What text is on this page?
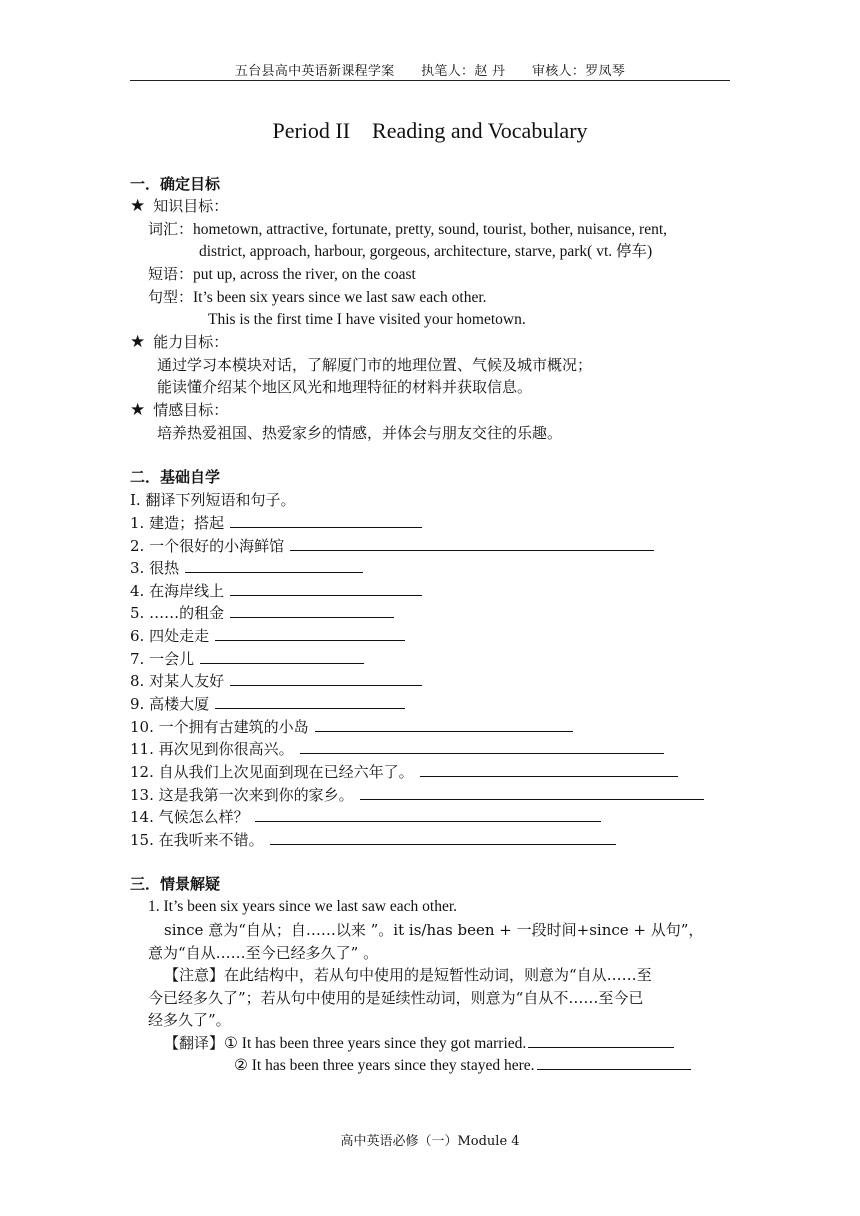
五台县高中英语新课程学案　　执笔人：赵 丹　　审核人：罗凤琴
Period II　Reading and Vocabulary
一．确定目标
★ 知识目标：
词汇：hometown, attractive, fortunate, pretty, sound, tourist, bother, nuisance, rent,
district, approach, harbour, gorgeous, architecture, starve, park( vt. 停车)
短语：put up, across the river, on the coast
句型：It’s been six years since we last saw each other.
This is the first time I have visited your hometown.
★ 能力目标：
通过学习本模块对话，了解厦门市的地理位置、气候及城市概况；
能读懂介绍某个地区风光和地理特征的材料并获取信息。
★ 情感目标：
培养热爱祖国、热爱家乡的情感，并体会与朋友交往的乐趣。
二．基础自学
I. 翻译下列短语和句子。
1. 建造；搭起
2. 一个很好的小海鲜馆
3. 很热
4. 在海岸线上
5. ……的租金
6. 四处走走
7. 一会儿
8. 对某人友好
9. 高楼大厦
10. 一个拥有古建筑的小岛
11. 再次见到你很高兴。
12. 自从我们上次见面到现在已经六年了。
13. 这是我第一次来到你的家乡。
14. 气候怎么样？
15. 在我听来不错。
三．情景解疑
1. It’s been six years since we last saw each other.
since 意为“自从；自……以来 ”。it is/has been + 一段时间+since + 从句”，
意为“自从……至今已经多久了” 。
【注意】在此结构中，若从句中使用的是短暂性动词，则意为“自从……至
今已经多久了”；若从句中使用的是延续性动词，则意为“自从不……至今已
经多久了”。
【翻译】① It has been three years since they got married.
② It has been three years since they stayed here.
高中英语必修（一）Module 4
